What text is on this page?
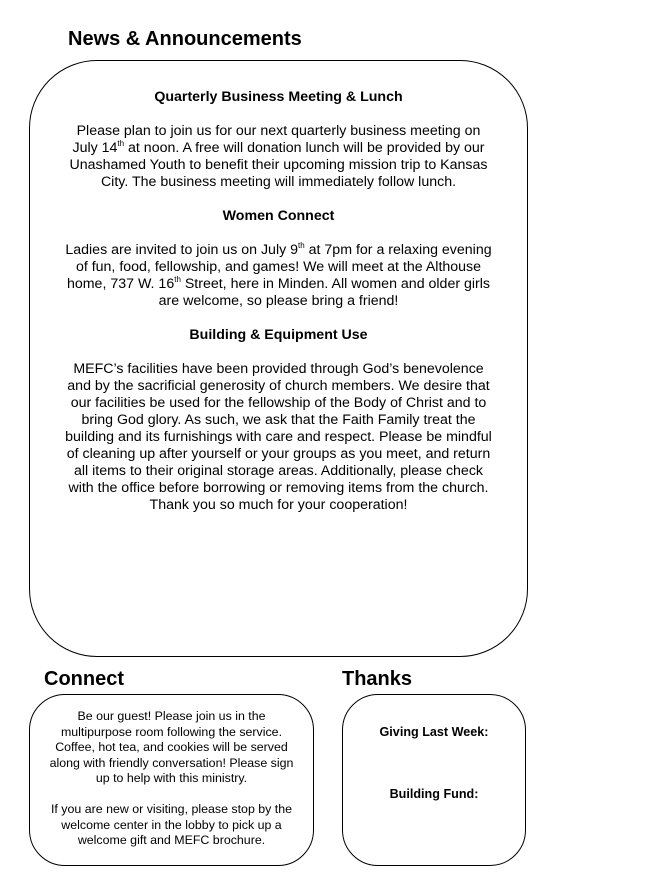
News & Announcements

Quarterly Business Meeting & Lunch

Please plan to join us for our next quarterly business meeting on July 14th at noon. A free will donation lunch will be provided by our Unashamed Youth to benefit their upcoming mission trip to Kansas City. The business meeting will immediately follow lunch.

Women Connect

Ladies are invited to join us on July 9th at 7pm for a relaxing evening of fun, food, fellowship, and games! We will meet at the Althouse home, 737 W. 16th Street, here in Minden. All women and older girls are welcome, so please bring a friend!

Building & Equipment Use

MEFC’s facilities have been provided through God’s benevolence and by the sacrificial generosity of church members. We desire that our facilities be used for the fellowship of the Body of Christ and to bring God glory. As such, we ask that the Faith Family treat the building and its furnishings with care and respect. Please be mindful of cleaning up after yourself or your groups as you meet, and return all items to their original storage areas. Additionally, please check with the office before borrowing or removing items from the church. Thank you so much for your cooperation!

Connect

Be our guest! Please join us in the multipurpose room following the service. Coffee, hot tea, and cookies will be served along with friendly conversation! Please sign up to help with this ministry.

If you are new or visiting, please stop by the welcome center in the lobby to pick up a welcome gift and MEFC brochure.

Thanks

Giving Last Week:

Building Fund:
